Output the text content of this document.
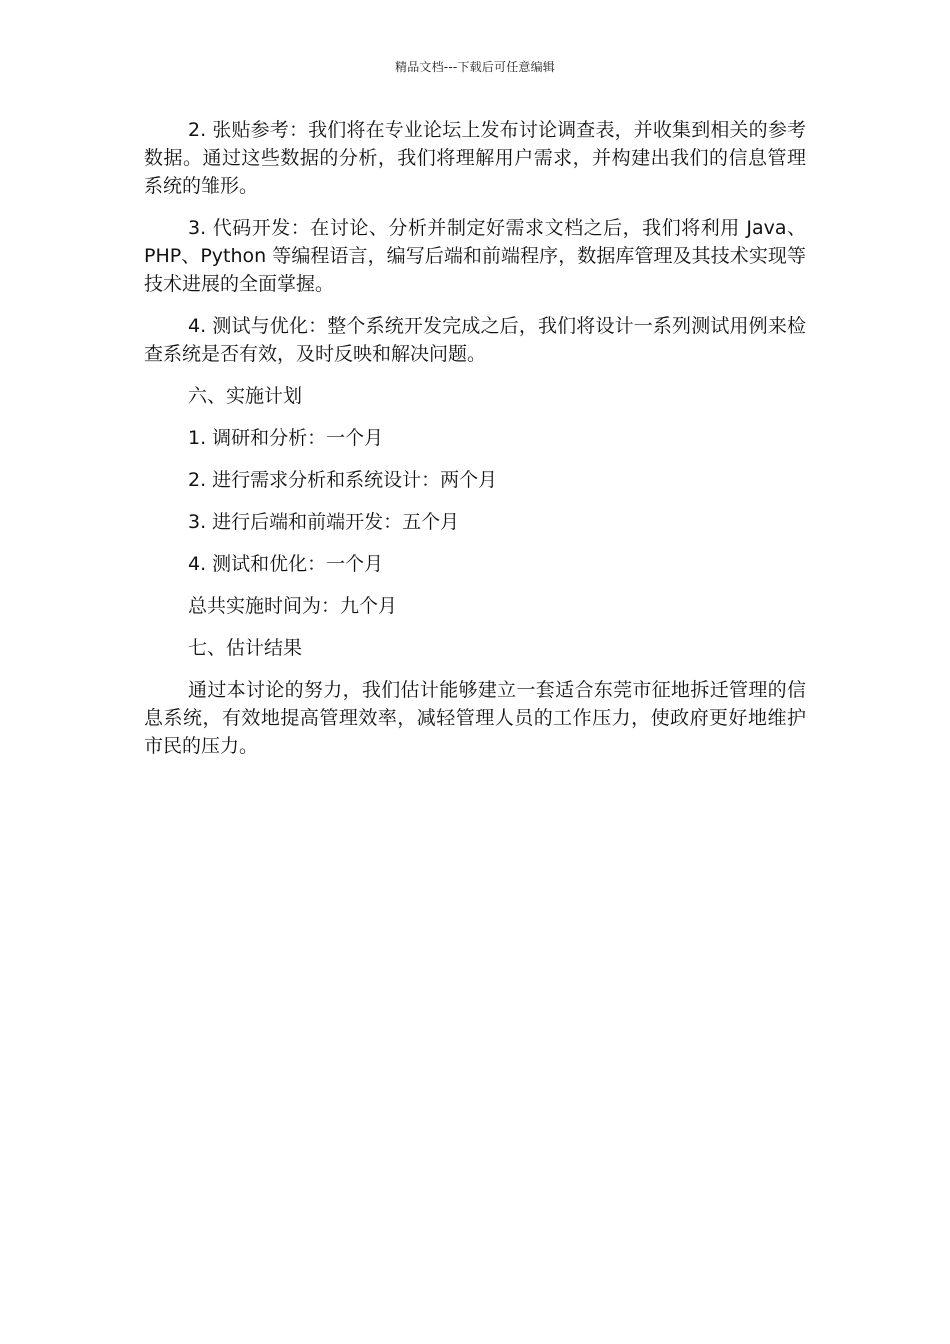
精品文档---下载后可任意编辑

2. 张贴参考：我们将在专业论坛上发布讨论调查表，并收集到相关的参考数据。通过这些数据的分析，我们将理解用户需求，并构建出我们的信息管理系统的雏形。

3. 代码开发：在讨论、分析并制定好需求文档之后，我们将利用 Java、PHP、Python 等编程语言，编写后端和前端程序，数据库管理及其技术实现等技术进展的全面掌握。

4. 测试与优化：整个系统开发完成之后，我们将设计一系列测试用例来检查系统是否有效，及时反映和解决问题。

六、实施计划

1. 调研和分析：一个月

2. 进行需求分析和系统设计：两个月

3. 进行后端和前端开发：五个月

4. 测试和优化：一个月

总共实施时间为：九个月

七、估计结果

通过本讨论的努力，我们估计能够建立一套适合东莞市征地拆迁管理的信息系统，有效地提高管理效率，减轻管理人员的工作压力，使政府更好地维护市民的压力。
